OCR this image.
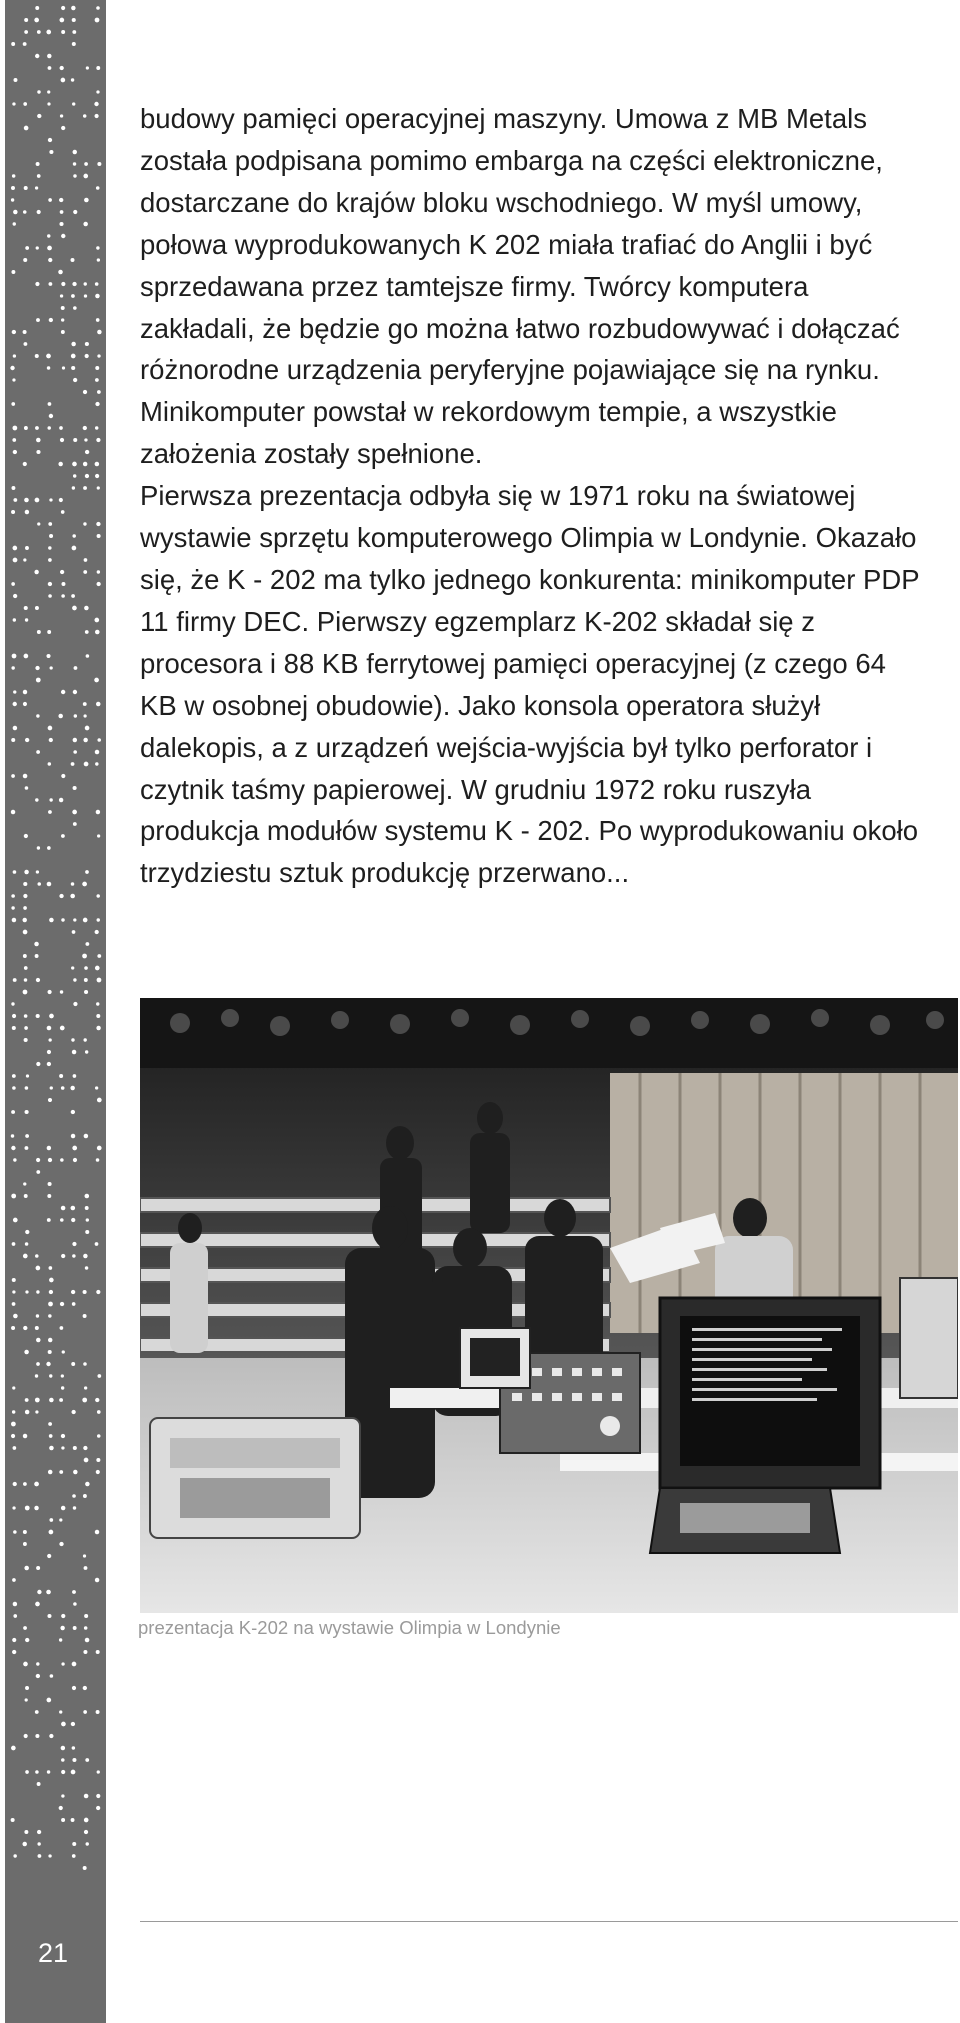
21

budowy pamięci operacyjnej maszyny. Umowa z MB Metals
została podpisana pomimo embarga na części elektroniczne,
dostarczane do krajów bloku wschodniego. W myśl umowy,
połowa wyprodukowanych K 202 miała trafiać do Anglii i być
sprzedawana przez tamtejsze firmy. Twórcy komputera
zakładali, że będzie go można łatwo rozbudowywać i dołączać
różnorodne urządzenia peryferyjne pojawiające się na rynku.
Minikomputer powstał w rekordowym tempie, a wszystkie
założenia zostały spełnione.

Pierwsza prezentacja odbyła się w 1971 roku na światowej
wystawie sprzętu komputerowego Olimpia w Londynie. Okazało
się, że K - 202 ma tylko jednego konkurenta: minikomputer PDP
11 firmy DEC. Pierwszy egzemplarz K-202 składał się z
procesora i 88 KB ferrytowej pamięci operacyjnej (z czego 64
KB w osobnej obudowie). Jako konsola operatora służył
dalekopis, a z urządzeń wejścia-wyjścia był tylko perforator i
czytnik taśmy papierowej. W grudniu 1972 roku ruszyła
produkcja modułów systemu K - 202. Po wyprodukowaniu około
trzydziestu sztuk produkcję przerwano...

prezentacja K-202 na wystawie Olimpia w Londynie
